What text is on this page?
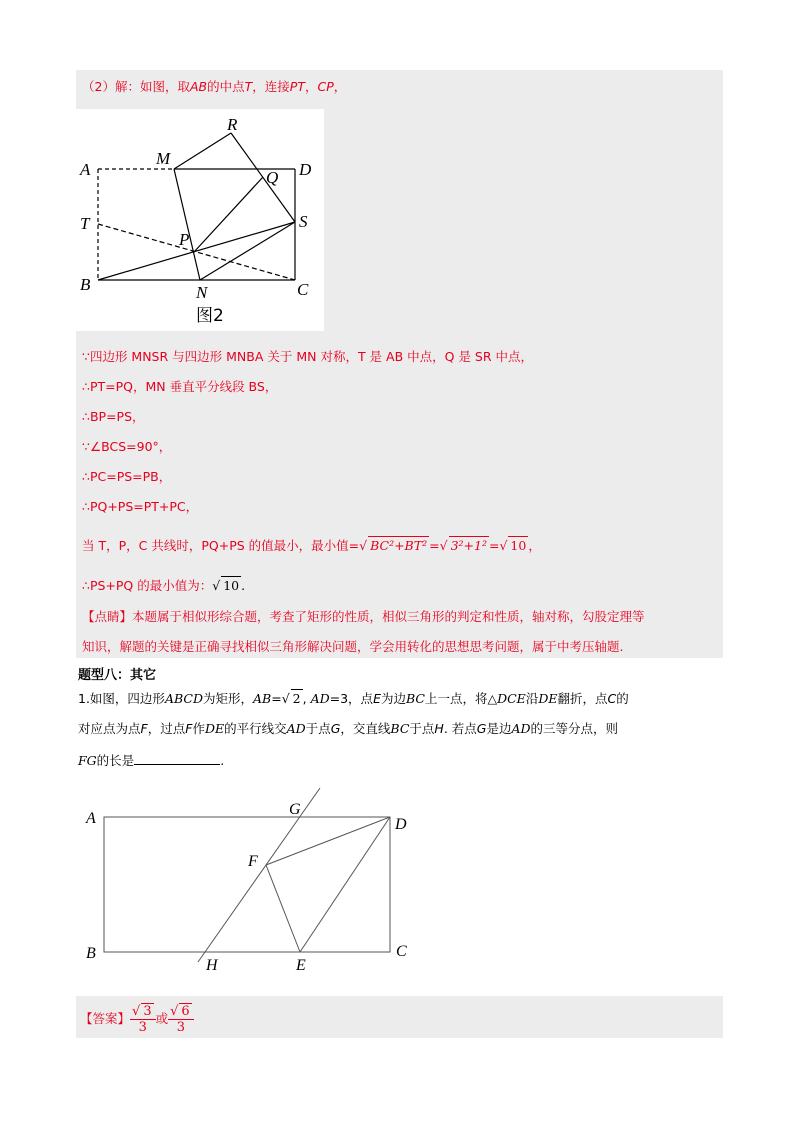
（2）解：如图，取AB的中点T，连接PT，CP，
A
M
R
D
Q
T	S
P
B	N	C
图2
∵四边形 MNSR 与四边形 MNBA 关于 MN 对称，T 是 AB 中点，Q 是 SR 中点，
∴PT=PQ，MN 垂直平分线段 BS，
∴BP=PS，
∵∠BCS=90°，
∴PC=PS=PB，
∴PQ+PS=PT+PC，
当 T，P，C 共线时，PQ+PS 的值最小，最小值=√ BC²+BT² =√ 3²+1² =√ 10 ，
∴PS+PQ 的最小值为：√ 10 .
【点睛】本题属于相似形综合题，考查了矩形的性质，相似三角形的判定和性质，轴对称，勾股定理等
知识，解题的关键是正确寻找相似三角形解决问题，学会用转化的思想思考问题，属于中考压轴题.
题型八：其它
1.如图，四边形ABCD为矩形，AB=√ 2 , AD=3，点E为边BC上一点，将△DCE沿DE翻折，点C的
对应点为点F，过点F作DE的平行线交AD于点G，交直线BC于点H. 若点G是边AD的三等分点，则
FG的长是	.
A
G
D
F
B
H	E
C
【答案】 $\frac{√ 3}{3}$ 或 $\frac{√ 6}{3}$
